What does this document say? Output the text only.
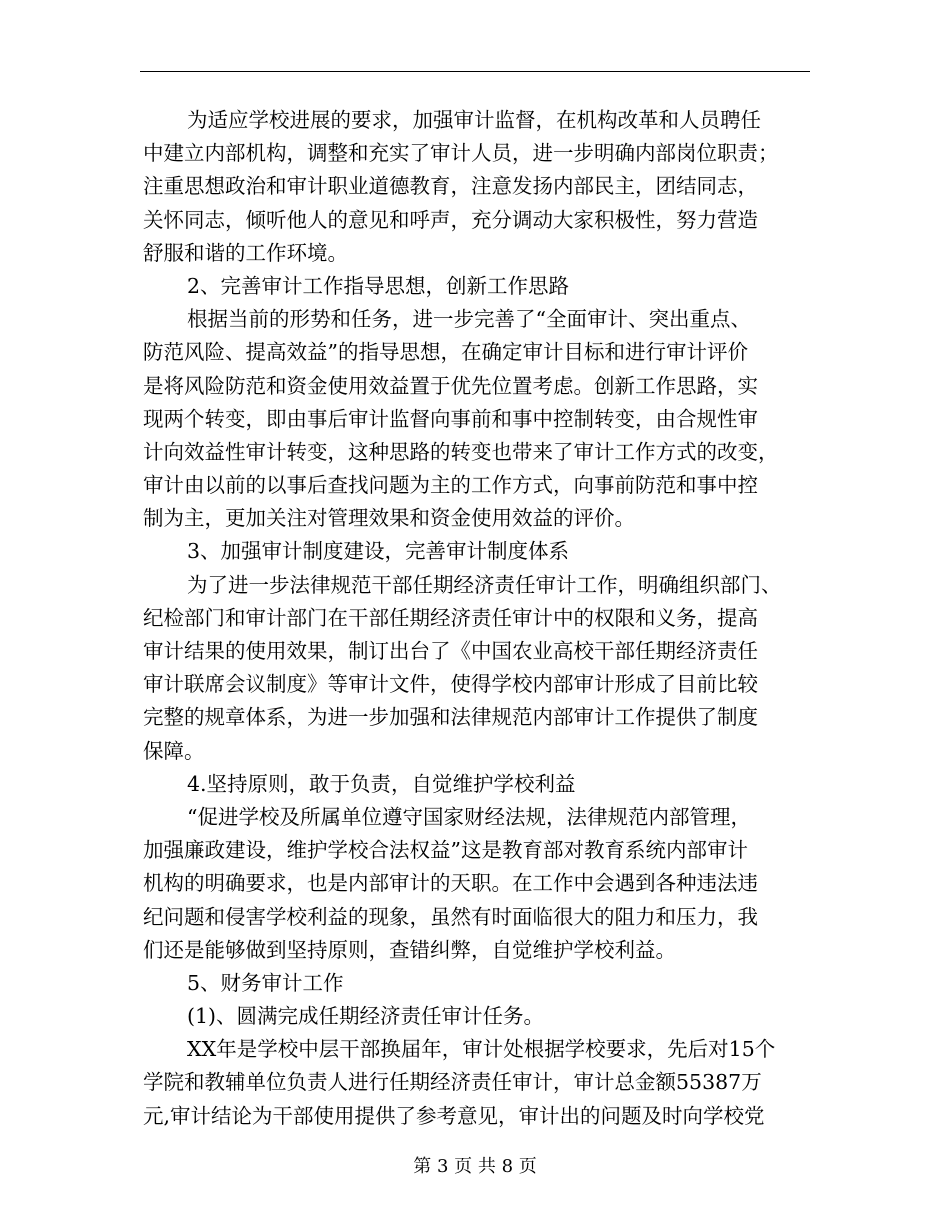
为适应学校进展的要求，加强审计监督，在机构改革和人员聘任
中建立内部机构，调整和充实了审计人员，进一步明确内部岗位职责；
注重思想政治和审计职业道德教育，注意发扬内部民主，团结同志，
关怀同志，倾听他人的意见和呼声，充分调动大家积极性，努力营造
舒服和谐的工作环境。
2、完善审计工作指导思想，创新工作思路
根据当前的形势和任务，进一步完善了“全面审计、突出重点、
防范风险、提高效益”的指导思想，在确定审计目标和进行审计评价
是将风险防范和资金使用效益置于优先位置考虑。创新工作思路，实
现两个转变，即由事后审计监督向事前和事中控制转变，由合规性审
计向效益性审计转变，这种思路的转变也带来了审计工作方式的改变，
审计由以前的以事后查找问题为主的工作方式，向事前防范和事中控
制为主，更加关注对管理效果和资金使用效益的评价。
3、加强审计制度建设，完善审计制度体系
为了进一步法律规范干部任期经济责任审计工作，明确组织部门、
纪检部门和审计部门在干部任期经济责任审计中的权限和义务，提高
审计结果的使用效果，制订出台了《中国农业高校干部任期经济责任
审计联席会议制度》等审计文件，使得学校内部审计形成了目前比较
完整的规章体系，为进一步加强和法律规范内部审计工作提供了制度
保障。
4.坚持原则，敢于负责，自觉维护学校利益
“促进学校及所属单位遵守国家财经法规，法律规范内部管理，
加强廉政建设，维护学校合法权益”这是教育部对教育系统内部审计
机构的明确要求，也是内部审计的天职。在工作中会遇到各种违法违
纪问题和侵害学校利益的现象，虽然有时面临很大的阻力和压力，我
们还是能够做到坚持原则，查错纠弊，自觉维护学校利益。
5、财务审计工作
(1)、圆满完成任期经济责任审计任务。
XX年是学校中层干部换届年，审计处根据学校要求，先后对15个
学院和教辅单位负责人进行任期经济责任审计，审计总金额55387万
元,审计结论为干部使用提供了参考意见，审计出的问题及时向学校党
第 3 页 共 8 页
